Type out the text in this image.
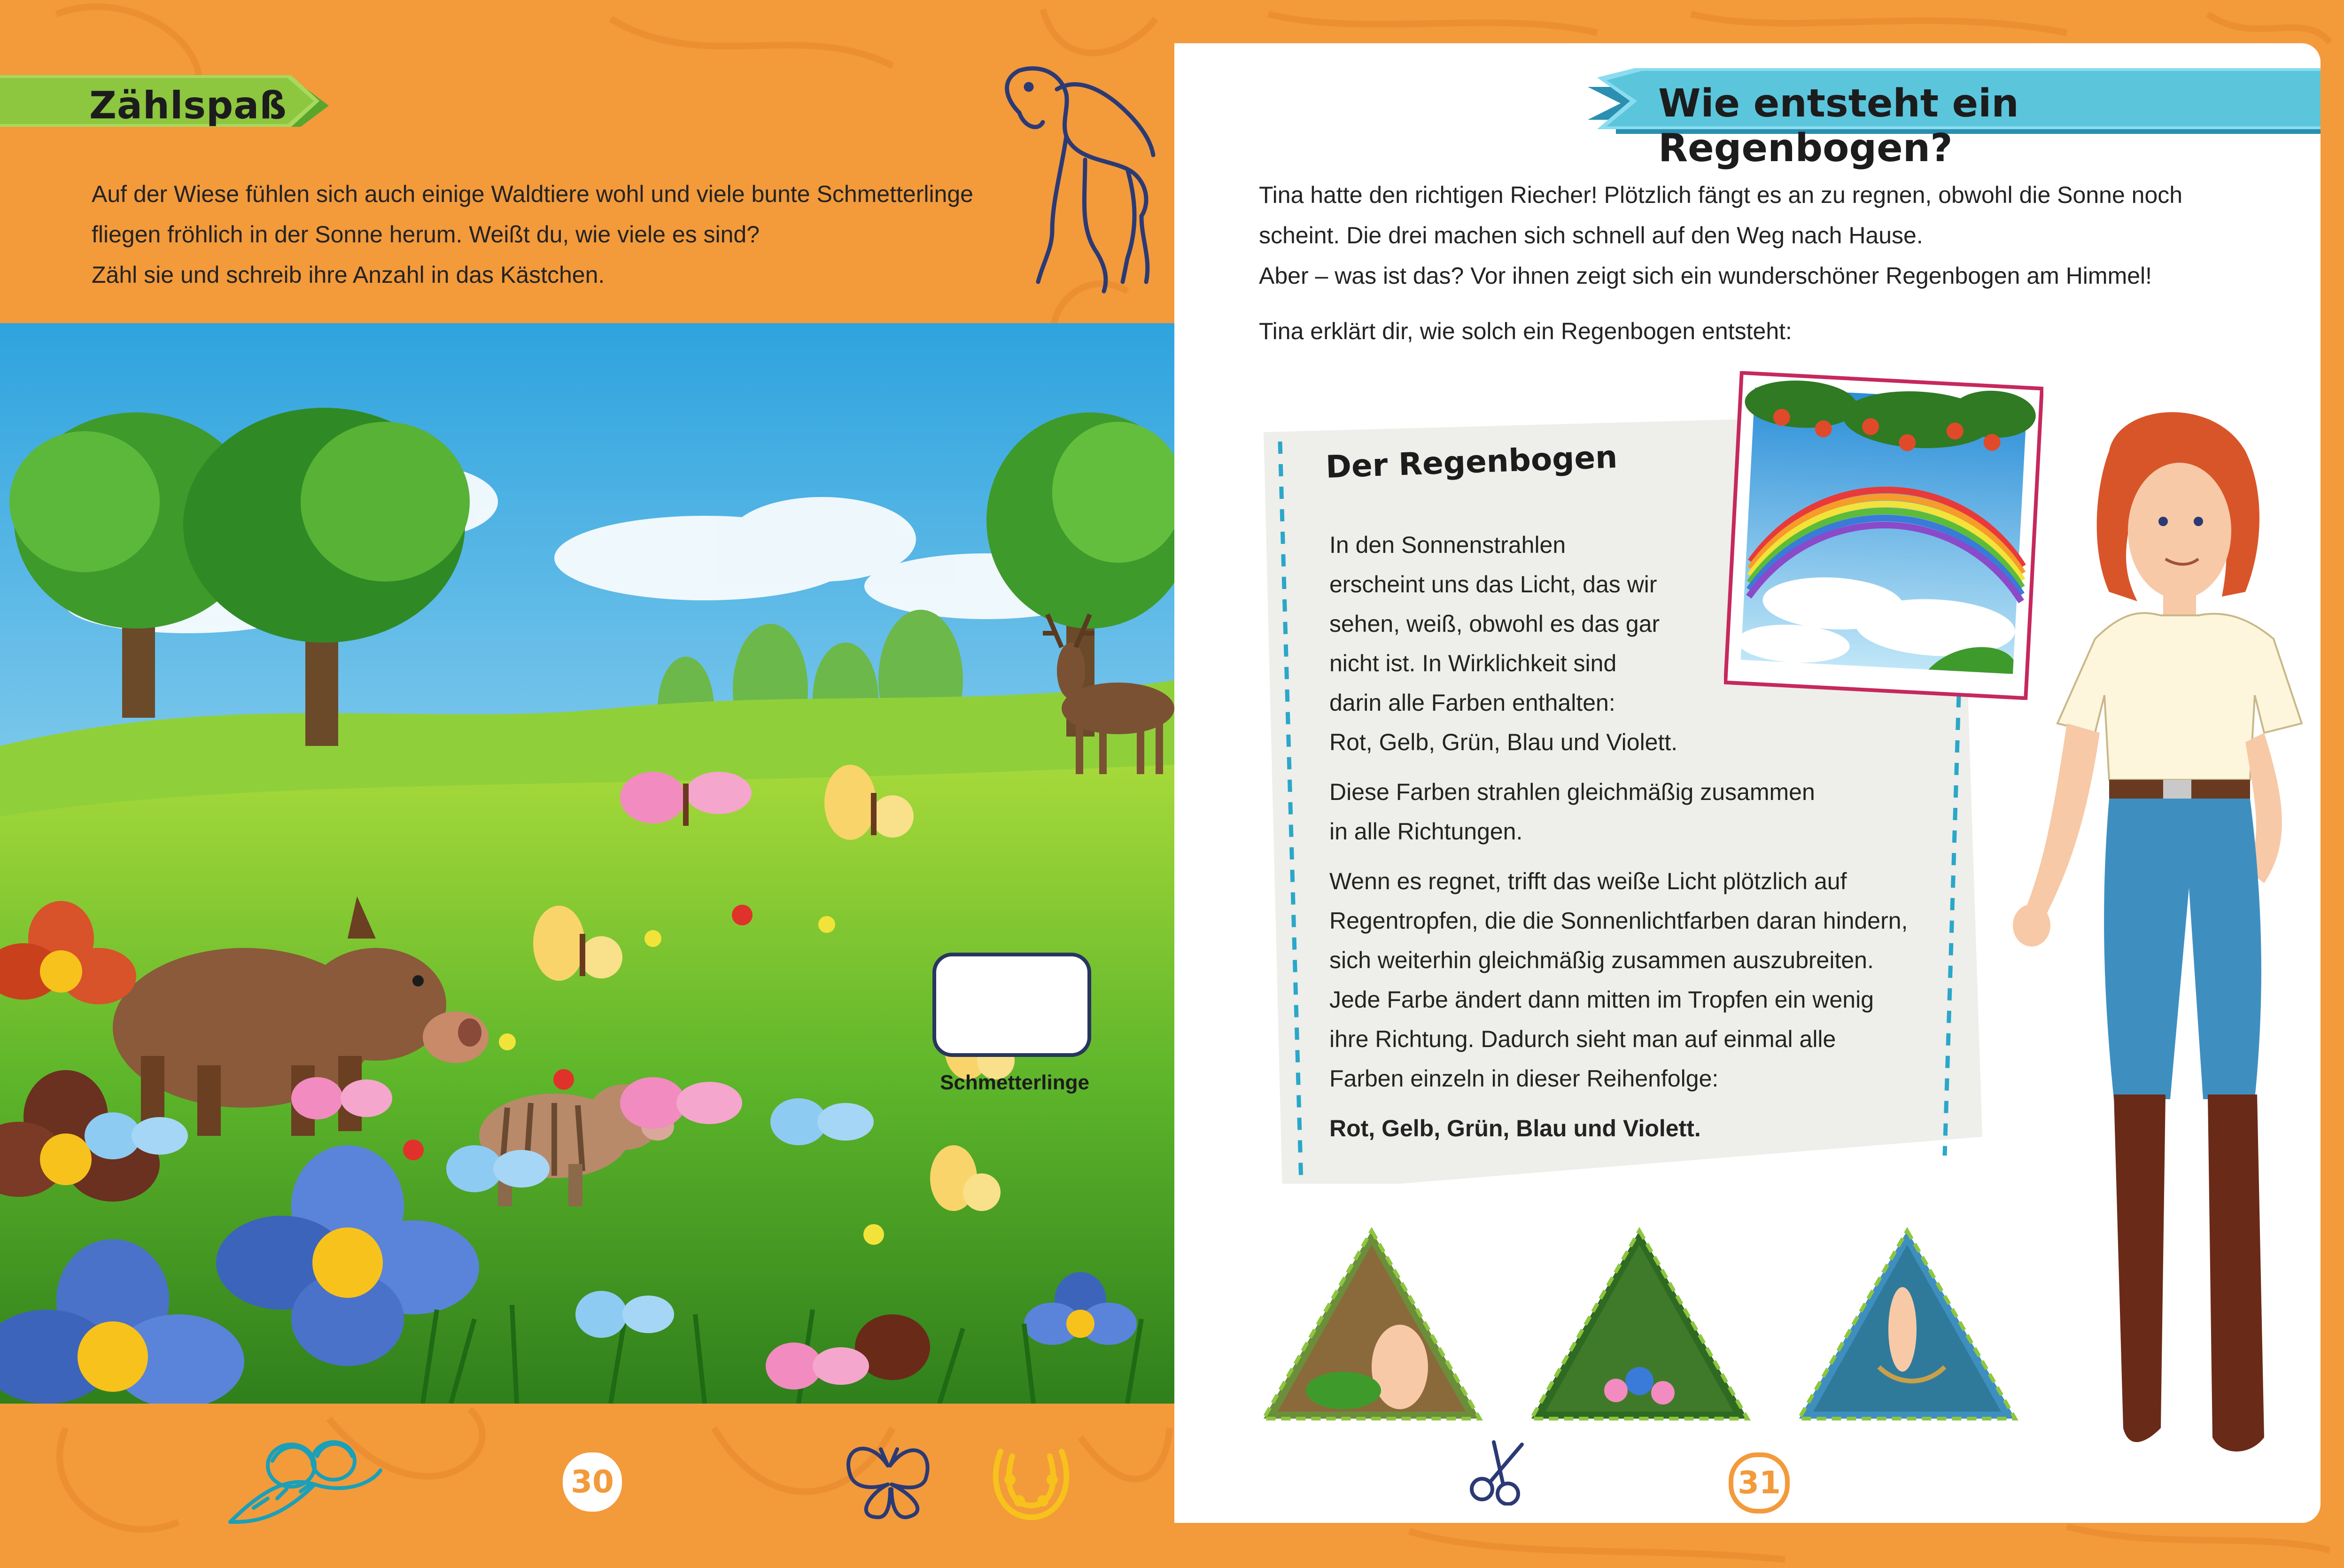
Zählspaß

Auf der Wiese fühlen sich auch einige Waldtiere wohl und viele bunte Schmetterlinge

fliegen fröhlich in der Sonne herum. Weißt du, wie viele es sind?

Zähl sie und schreib ihre Anzahl in das Kästchen.

Schmetterlinge
30
Wie entsteht ein Regenbogen?

Tina hatte den richtigen Riecher! Plötzlich fängt es an zu regnen, obwohl die Sonne noch

scheint. Die drei machen sich schnell auf den Weg nach Hause.

Aber – was ist das? Vor ihnen zeigt sich ein wunderschöner Regenbogen am Himmel!

Tina erklärt dir, wie solch ein Regenbogen entsteht:

Der Regenbogen

In den Sonnenstrahlen
erscheint uns das Licht, das wir
sehen, weiß, obwohl es das gar
nicht ist. In Wirklichkeit sind
darin alle Farben enthalten:
Rot, Gelb, Grün, Blau und Violett.

Diese Farben strahlen gleichmäßig zusammen
in alle Richtungen.

Wenn es regnet, trifft das weiße Licht plötzlich auf
Regentropfen, die die Sonnenlichtfarben daran hindern,
sich weiterhin gleichmäßig zusammen auszubreiten.
Jede Farbe ändert dann mitten im Tropfen ein wenig
ihre Richtung. Dadurch sieht man auf einmal alle
Farben einzeln in dieser Reihenfolge:

Rot, Gelb, Grün, Blau und Violett.

31
